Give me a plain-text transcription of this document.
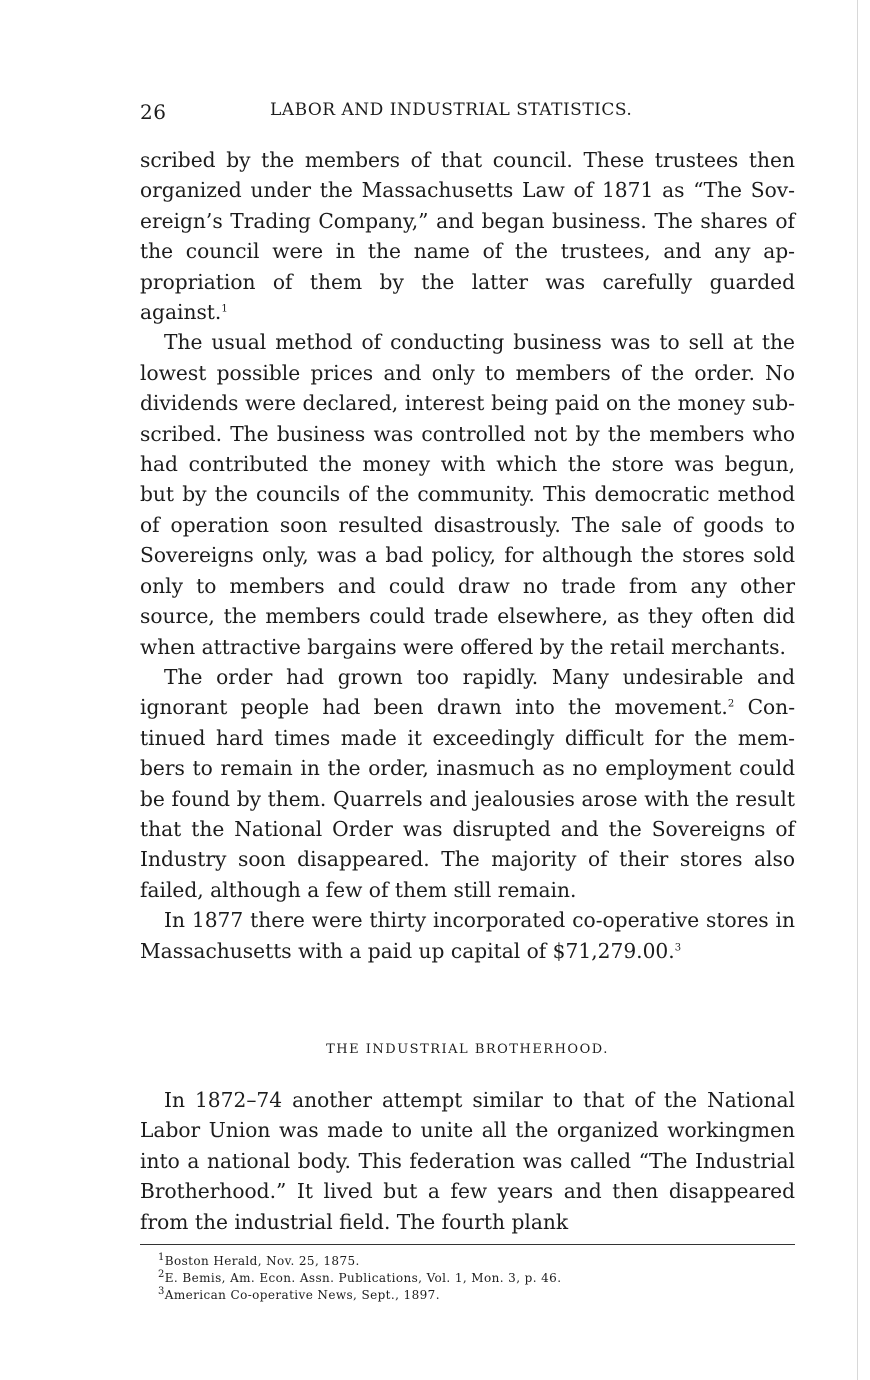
26	LABOR AND INDUSTRIAL STATISTICS.

scribed by the members of that council. These trustees then organized under the Massachusetts Law of 1871 as “The Sovereign’s Trading Company,” and began business. The shares of the council were in the name of the trustees, and any appropriation of them by the latter was carefully guarded against.$^1$

The usual method of conducting business was to sell at the lowest possible prices and only to members of the order. No dividends were declared, interest being paid on the money subscribed. The business was controlled not by the members who had contributed the money with which the store was begun, but by the councils of the community. This democratic method of operation soon resulted disastrously. The sale of goods to Sovereigns only, was a bad policy, for although the stores sold only to members and could draw no trade from any other source, the members could trade elsewhere, as they often did when attractive bargains were offered by the retail merchants.

The order had grown too rapidly. Many undesirable and ignorant people had been drawn into the movement.$^2$ Continued hard times made it exceedingly difficult for the members to remain in the order, inasmuch as no employment could be found by them. Quarrels and jealousies arose with the result that the National Order was disrupted and the Sovereigns of Industry soon disappeared. The majority of their stores also failed, although a few of them still remain.

In 1877 there were thirty incorporated co-operative stores in Massachusetts with a paid up capital of $71,279.00.$^3$

THE INDUSTRIAL BROTHERHOOD.

In 1872–74 another attempt similar to that of the National Labor Union was made to unite all the organized workingmen into a national body. This federation was called “The Industrial Brotherhood.” It lived but a few years and then disappeared from the industrial field. The fourth plank

$^1$Boston Herald, Nov. 25, 1875.

$^2$E. Bemis, Am. Econ. Assn. Publications, Vol. 1, Mon. 3, p. 46.

$^3$American Co-operative News, Sept., 1897.
